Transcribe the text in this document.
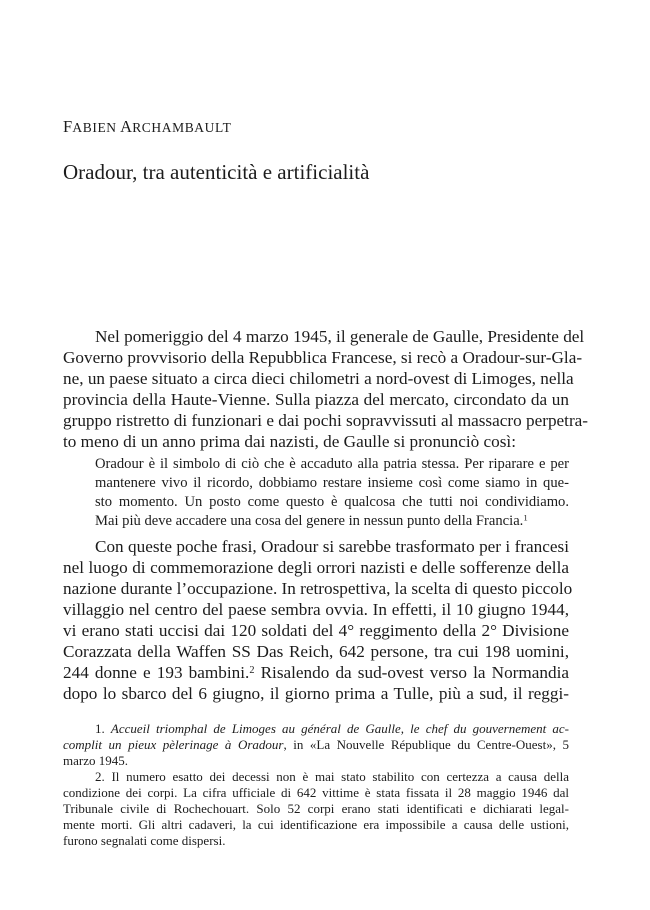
FABIEN ARCHAMBAULT
Oradour, tra autenticità e artificialità
Nel pomeriggio del 4 marzo 1945, il generale de Gaulle, Presidente del
Governo provvisorio della Repubblica Francese, si recò a Oradour-sur-Gla-
ne, un paese situato a circa dieci chilometri a nord-ovest di Limoges, nella
provincia della Haute-Vienne. Sulla piazza del mercato, circondato da un
gruppo ristretto di funzionari e dai pochi sopravvissuti al massacro perpetra-
to meno di un anno prima dai nazisti, de Gaulle si pronunciò così:
Oradour è il simbolo di ciò che è accaduto alla patria stessa. Per riparare e per
mantenere vivo il ricordo, dobbiamo restare insieme così come siamo in que-
sto momento. Un posto come questo è qualcosa che tutti noi condividiamo.
Mai più deve accadere una cosa del genere in nessun punto della Francia.$^1$
Con queste poche frasi, Oradour si sarebbe trasformato per i francesi
nel luogo di commemorazione degli orrori nazisti e delle sofferenze della
nazione durante l’occupazione. In retrospettiva, la scelta di questo piccolo
villaggio nel centro del paese sembra ovvia. In effetti, il 10 giugno 1944,
vi erano stati uccisi dai 120 soldati del 4° reggimento della 2° Divisione
Corazzata della Waffen SS Das Reich, 642 persone, tra cui 198 uomini,
244 donne e 193 bambini.$^2$ Risalendo da sud-ovest verso la Normandia
dopo lo sbarco del 6 giugno, il giorno prima a Tulle, più a sud, il reggi-
1. Accueil triomphal de Limoges au général de Gaulle, le chef du gouvernement ac-
complit un pieux pèlerinage à Oradour, in «La Nouvelle République du Centre-Ouest», 5
marzo 1945.
2. Il numero esatto dei decessi non è mai stato stabilito con certezza a causa della
condizione dei corpi. La cifra ufficiale di 642 vittime è stata fissata il 28 maggio 1946 dal
Tribunale civile di Rochechouart. Solo 52 corpi erano stati identificati e dichiarati legal-
mente morti. Gli altri cadaveri, la cui identificazione era impossibile a causa delle ustioni,
furono segnalati come dispersi.
